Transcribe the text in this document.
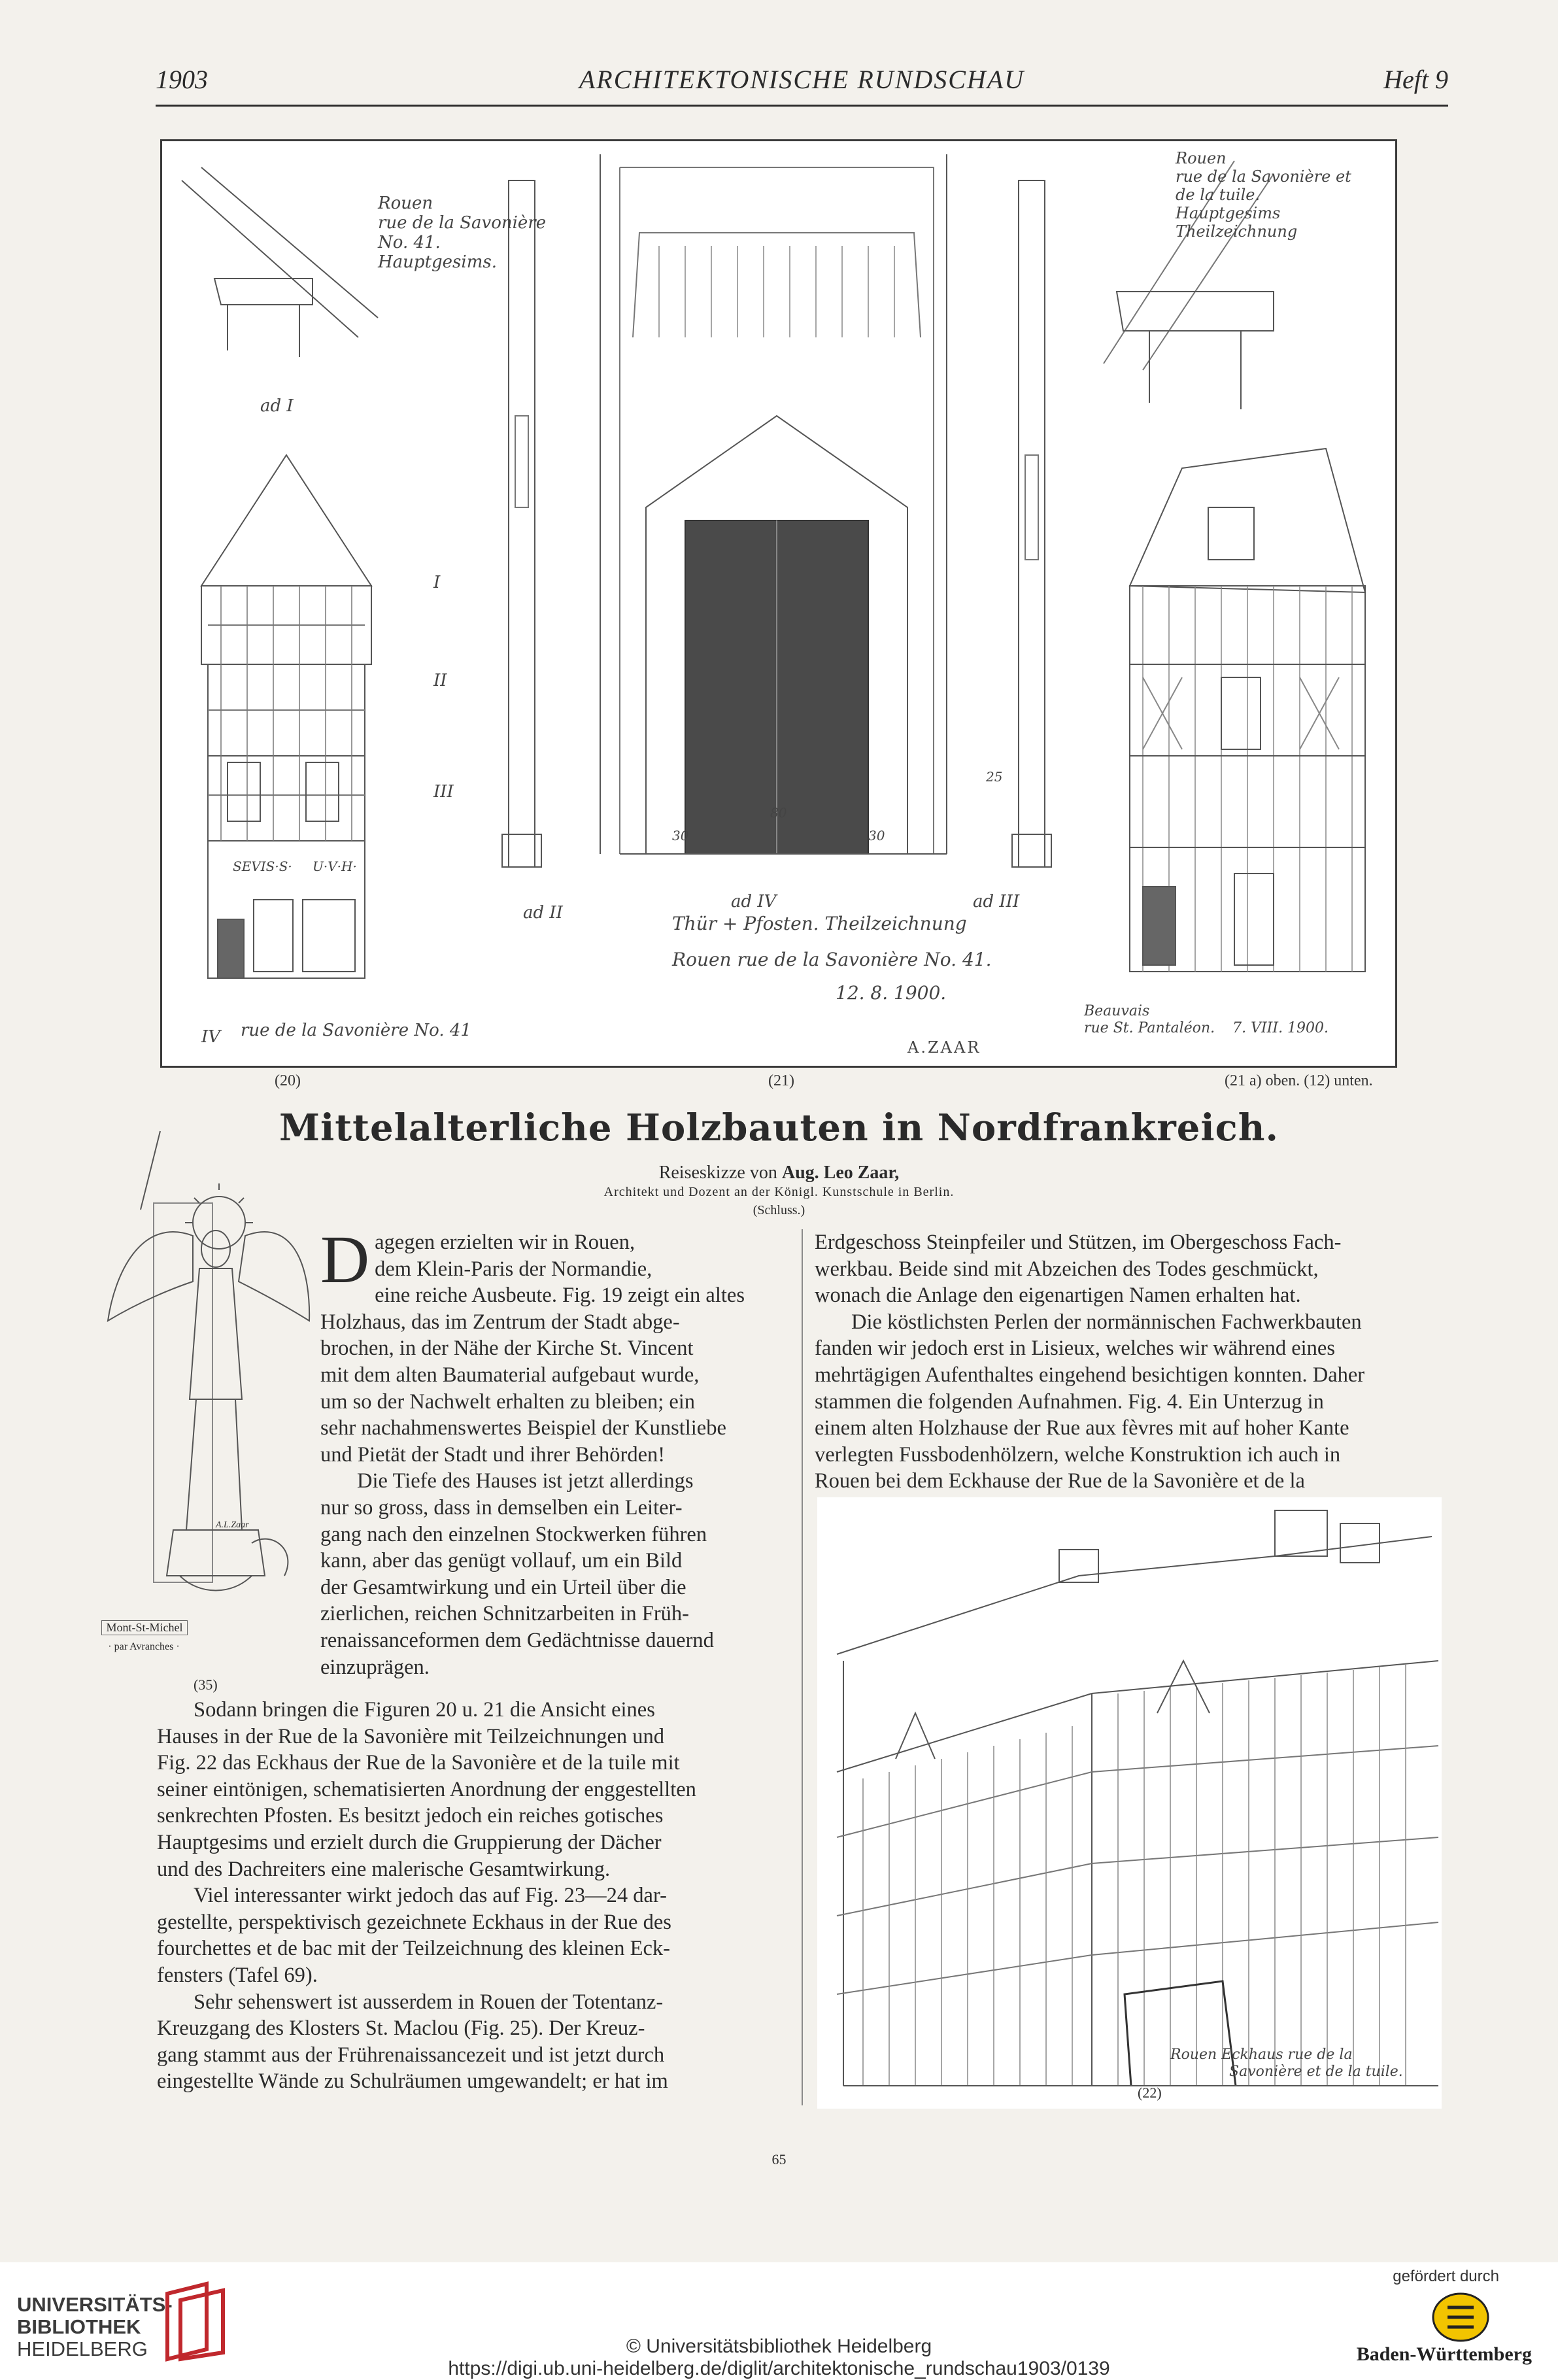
1903	ARCHITEKTONISCHE RUNDSCHAU	Heft 9
Rouen
rue de la Savonière
No. 41.
Hauptgesims.
ad I
I
II
III
IV
SEVIS·S· U·V·H·
ad II
ad IV	ad III
30
80
30
25
Thür + Pfosten. Theilzeichnung
Rouen rue de la Savonière No. 41.
12. 8. 1900.
Rouen
rue de la Savonière et
de la tuile.
Hauptgesims
Theilzeichnung
rue de la Savonière No. 41
A.ZAAR
Beauvais
rue St. Pantaléon. 7. VIII. 1900.
(20)	(21)	(21 a) oben. (12) unten.
Mittelalterliche Holzbauten in Nordfrankreich.
Reiseskizze von Aug. Leo Zaar,
Architekt und Dozent an der Königl. Kunstschule in Berlin.
(Schluss.)
Mont-St-Michel
· par Avranches ·
A.L.Zaar
(35)
D agegen erzielten wir in Rouen,
dem Klein-Paris der Normandie,
eine reiche Ausbeute. Fig. 19 zeigt ein altes
Holzhaus, das im Zentrum der Stadt abge-
brochen, in der Nähe der Kirche St. Vincent
mit dem alten Baumaterial aufgebaut wurde,
um so der Nachwelt erhalten zu bleiben; ein
sehr nachahmenswertes Beispiel der Kunstliebe
und Pietät der Stadt und ihrer Behörden!
Die Tiefe des Hauses ist jetzt allerdings
nur so gross, dass in demselben ein Leiter-
gang nach den einzelnen Stockwerken führen
kann, aber das genügt vollauf, um ein Bild
der Gesamtwirkung und ein Urteil über die
zierlichen, reichen Schnitzarbeiten in Früh-
renaissanceformen dem Gedächtnisse dauernd
einzuprägen.
Sodann bringen die Figuren 20 u. 21 die Ansicht eines
Hauses in der Rue de la Savonière mit Teilzeichnungen und
Fig. 22 das Eckhaus der Rue de la Savonière et de la tuile mit
seiner eintönigen, schematisierten Anordnung der enggestellten
senkrechten Pfosten. Es besitzt jedoch ein reiches gotisches
Hauptgesims und erzielt durch die Gruppierung der Dächer
und des Dachreiters eine malerische Gesamtwirkung.
Viel interessanter wirkt jedoch das auf Fig. 23—24 dar-
gestellte, perspektivisch gezeichnete Eckhaus in der Rue des
fourchettes et de bac mit der Teilzeichnung des kleinen Eck-
fensters (Tafel 69).
Sehr sehenswert ist ausserdem in Rouen der Totentanz-
Kreuzgang des Klosters St. Maclou (Fig. 25). Der Kreuz-
gang stammt aus der Frührenaissancezeit und ist jetzt durch
eingestellte Wände zu Schulräumen umgewandelt; er hat im
Erdgeschoss Steinpfeiler und Stützen, im Obergeschoss Fach-
werkbau. Beide sind mit Abzeichen des Todes geschmückt,
wonach die Anlage den eigenartigen Namen erhalten hat.
Die köstlichsten Perlen der normännischen Fachwerkbauten
fanden wir jedoch erst in Lisieux, welches wir während eines
mehrtägigen Aufenthaltes eingehend besichtigen konnten. Daher
stammen die folgenden Aufnahmen. Fig. 4. Ein Unterzug in
einem alten Holzhause der Rue aux fèvres mit auf hoher Kante
verlegten Fussbodenhölzern, welche Konstruktion ich auch in
Rouen bei dem Eckhause der Rue de la Savonière et de la
Rouen Eckhaus rue de la
Savonière et de la tuile.
(22)
65
UNIVERSITÄTS-
BIBLIOTHEK
HEIDELBERG	© Universitätsbibliothek Heidelberg
https://digi.ub.uni-heidelberg.de/diglit/architektonische_rundschau1903/0139
gefördert durch
Baden-Württemberg
